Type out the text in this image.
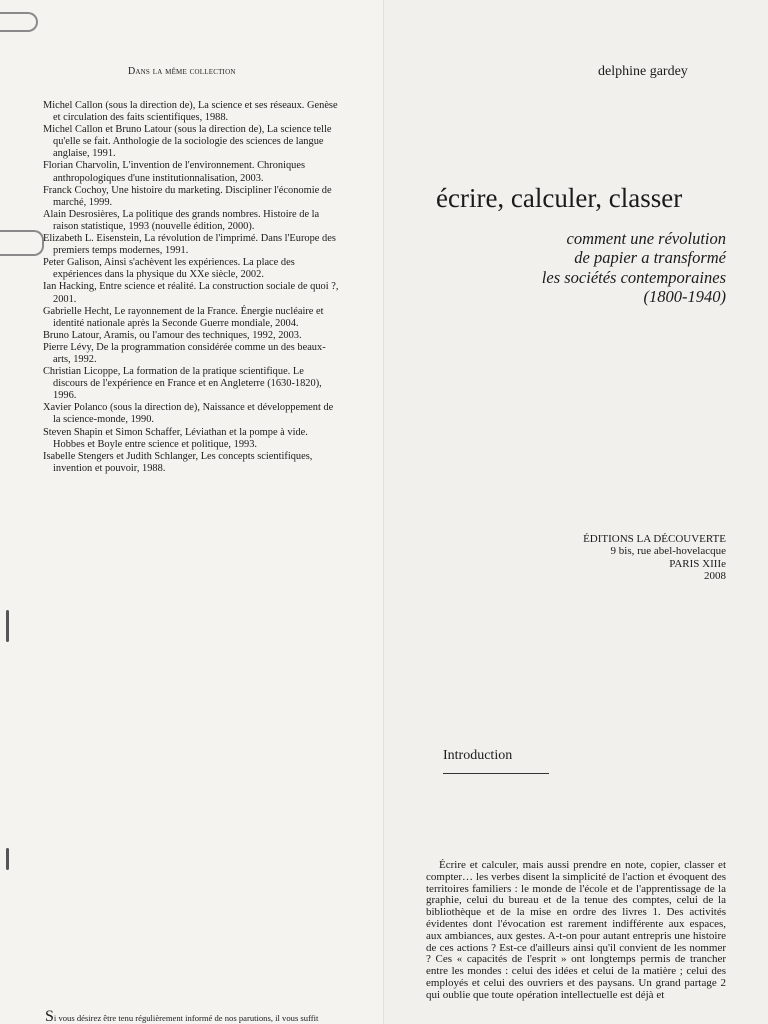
Dans la même collection
Michel Callon (sous la direction de), La science et ses réseaux. Genèse et circulation des faits scientifiques, 1988.
Michel Callon et Bruno Latour (sous la direction de), La science telle qu'elle se fait. Anthologie de la sociologie des sciences de langue anglaise, 1991.
Florian Charvolin, L'invention de l'environnement. Chroniques anthropologiques d'une institutionnalisation, 2003.
Franck Cochoy, Une histoire du marketing. Discipliner l'économie de marché, 1999.
Alain Desrosières, La politique des grands nombres. Histoire de la raison statistique, 1993 (nouvelle édition, 2000).
Elizabeth L. Eisenstein, La révolution de l'imprimé. Dans l'Europe des premiers temps modernes, 1991.
Peter Galison, Ainsi s'achèvent les expériences. La place des expériences dans la physique du XXe siècle, 2002.
Ian Hacking, Entre science et réalité. La construction sociale de quoi ?, 2001.
Gabrielle Hecht, Le rayonnement de la France. Énergie nucléaire et identité nationale après la Seconde Guerre mondiale, 2004.
Bruno Latour, Aramis, ou l'amour des techniques, 1992, 2003.
Pierre Lévy, De la programmation considérée comme un des beaux-arts, 1992.
Christian Licoppe, La formation de la pratique scientifique. Le discours de l'expérience en France et en Angleterre (1630-1820), 1996.
Xavier Polanco (sous la direction de), Naissance et développement de la science-monde, 1990.
Steven Shapin et Simon Schaffer, Léviathan et la pompe à vide. Hobbes et Boyle entre science et politique, 1993.
Isabelle Stengers et Judith Schlanger, Les concepts scientifiques, invention et pouvoir, 1988.
Si vous désirez être tenu régulièrement informé de nos parutions, il vous suffit
delphine gardey
écrire, calculer, classer
comment une révolution
de papier a transformé
les sociétés contemporaines
(1800-1940)
ÉDITIONS LA DÉCOUVERTE
9 bis, rue abel-hovelacque
PARIS XIIIe
2008
Introduction

Écrire et calculer, mais aussi prendre en note, copier, classer et compter… les verbes disent la simplicité de l'action et évoquent des territoires familiers : le monde de l'école et de l'apprentissage de la graphie, celui du bureau et de la tenue des comptes, celui de la bibliothèque et de la mise en ordre des livres 1. Des activités évidentes dont l'évocation est rarement indifférente aux espaces, aux ambiances, aux gestes. A-t-on pour autant entrepris une histoire de ces actions ? Est-ce d'ailleurs ainsi qu'il convient de les nommer ? Ces « capacités de l'esprit » ont longtemps permis de trancher entre les mondes : celui des idées et celui de la matière ; celui des employés et celui des ouvriers et des paysans. Un grand partage 2 qui oublie que toute opération intellectuelle est déjà et
